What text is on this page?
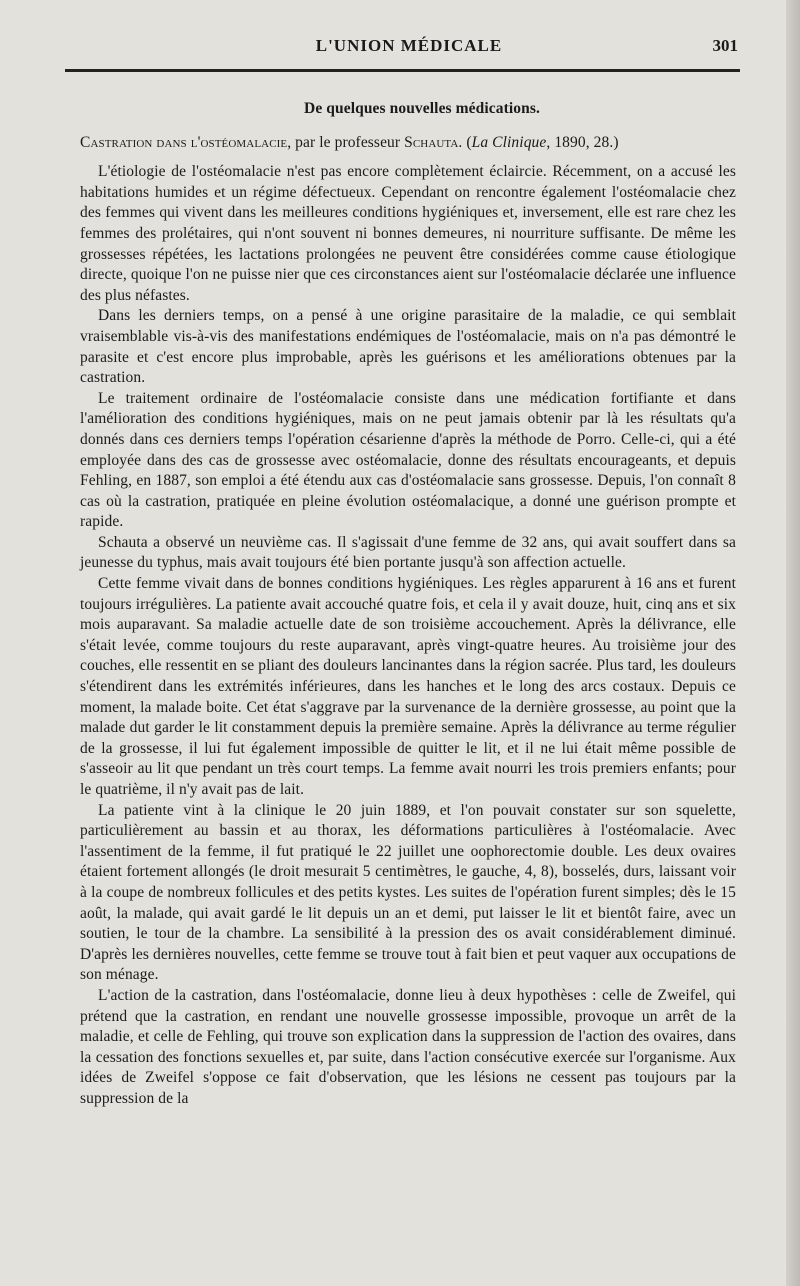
L'UNION MÉDICALE	301
De quelques nouvelles médications.

Castration dans l'ostéomalacie, par le professeur Schauta. (La Clinique, 1890, 28.)

L'étiologie de l'ostéomalacie n'est pas encore complètement éclaircie. Récemment, on a accusé les habitations humides et un régime défectueux. Cependant on rencontre également l'ostéomalacie chez des femmes qui vivent dans les meilleures conditions hygiéniques et, inversement, elle est rare chez les femmes des prolétaires, qui n'ont souvent ni bonnes demeures, ni nourriture suffisante. De même les grossesses répétées, les lactations prolongées ne peuvent être considérées comme cause étiologique directe, quoique l'on ne puisse nier que ces circonstances aient sur l'ostéomalacie déclarée une influence des plus néfastes.

Dans les derniers temps, on a pensé à une origine parasitaire de la maladie, ce qui semblait vraisemblable vis-à-vis des manifestations endémiques de l'ostéomalacie, mais on n'a pas démontré le parasite et c'est encore plus improbable, après les guérisons et les améliorations obtenues par la castration.

Le traitement ordinaire de l'ostéomalacie consiste dans une médication fortifiante et dans l'amélioration des conditions hygiéniques, mais on ne peut jamais obtenir par là les résultats qu'a donnés dans ces derniers temps l'opération césarienne d'après la méthode de Porro. Celle-ci, qui a été employée dans des cas de grossesse avec ostéomalacie, donne des résultats encourageants, et depuis Fehling, en 1887, son emploi a été étendu aux cas d'ostéomalacie sans grossesse. Depuis, l'on connaît 8 cas où la castration, pratiquée en pleine évolution ostéomalacique, a donné une guérison prompte et rapide.

Schauta a observé un neuvième cas. Il s'agissait d'une femme de 32 ans, qui avait souffert dans sa jeunesse du typhus, mais avait toujours été bien portante jusqu'à son affection actuelle.

Cette femme vivait dans de bonnes conditions hygiéniques. Les règles apparurent à 16 ans et furent toujours irrégulières. La patiente avait accouché quatre fois, et cela il y avait douze, huit, cinq ans et six mois auparavant. Sa maladie actuelle date de son troisième accouchement. Après la délivrance, elle s'était levée, comme toujours du reste auparavant, après vingt-quatre heures. Au troisième jour des couches, elle ressentit en se pliant des douleurs lancinantes dans la région sacrée. Plus tard, les douleurs s'étendirent dans les extrémités inférieures, dans les hanches et le long des arcs costaux. Depuis ce moment, la malade boite. Cet état s'aggrave par la survenance de la dernière grossesse, au point que la malade dut garder le lit constamment depuis la première semaine. Après la délivrance au terme régulier de la grossesse, il lui fut également impossible de quitter le lit, et il ne lui était même possible de s'asseoir au lit que pendant un très court temps. La femme avait nourri les trois premiers enfants; pour le quatrième, il n'y avait pas de lait.

La patiente vint à la clinique le 20 juin 1889, et l'on pouvait constater sur son squelette, particulièrement au bassin et au thorax, les déformations particulières à l'ostéomalacie. Avec l'assentiment de la femme, il fut pratiqué le 22 juillet une oophorectomie double. Les deux ovaires étaient fortement allongés (le droit mesurait 5 centimètres, le gauche, 4, 8), bosselés, durs, laissant voir à la coupe de nombreux follicules et des petits kystes. Les suites de l'opération furent simples; dès le 15 août, la malade, qui avait gardé le lit depuis un an et demi, put laisser le lit et bientôt faire, avec un soutien, le tour de la chambre. La sensibilité à la pression des os avait considérablement diminué. D'après les dernières nouvelles, cette femme se trouve tout à fait bien et peut vaquer aux occupations de son ménage.

L'action de la castration, dans l'ostéomalacie, donne lieu à deux hypothèses : celle de Zweifel, qui prétend que la castration, en rendant une nouvelle grossesse impossible, provoque un arrêt de la maladie, et celle de Fehling, qui trouve son explication dans la suppression de l'action des ovaires, dans la cessation des fonctions sexuelles et, par suite, dans l'action consécutive exercée sur l'organisme. Aux idées de Zweifel s'oppose ce fait d'observation, que les lésions ne cessent pas toujours par la suppression de la
